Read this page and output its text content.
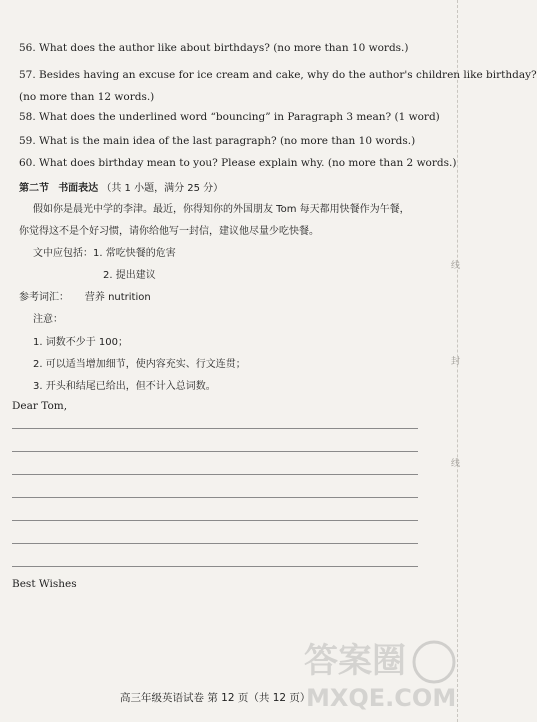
56. What does the author like about birthdays? (no more than 10 words.)
57. Besides having an excuse for ice cream and cake, why do the author's children like birthday?
(no more than 12 words.)
58. What does the underlined word “bouncing” in Paragraph 3 mean? (1 word)
59. What is the main idea of the last paragraph? (no more than 10 words.)
60. What does birthday mean to you? Please explain why. (no more than 2 words.)
第二节 书面表达 （共 1 小题，满分 25 分）
假如你是晨光中学的李津。最近，你得知你的外国朋友 Tom 每天都用快餐作为午餐，
你觉得这不是个好习惯，请你给他写一封信，建议他尽量少吃快餐。
文中应包括：1. 常吃快餐的危害
2. 提出建议
参考词汇：     营养 nutrition
注意：
1. 词数不少于 100；
2. 可以适当增加细节，使内容充实、行文连贯；
3. 开头和结尾已给出，但不计入总词数。
Dear Tom,
Best Wishes
线
封
线
答案圈
MXQE.COM
高三年级英语试卷 第 12 页（共 12 页）
